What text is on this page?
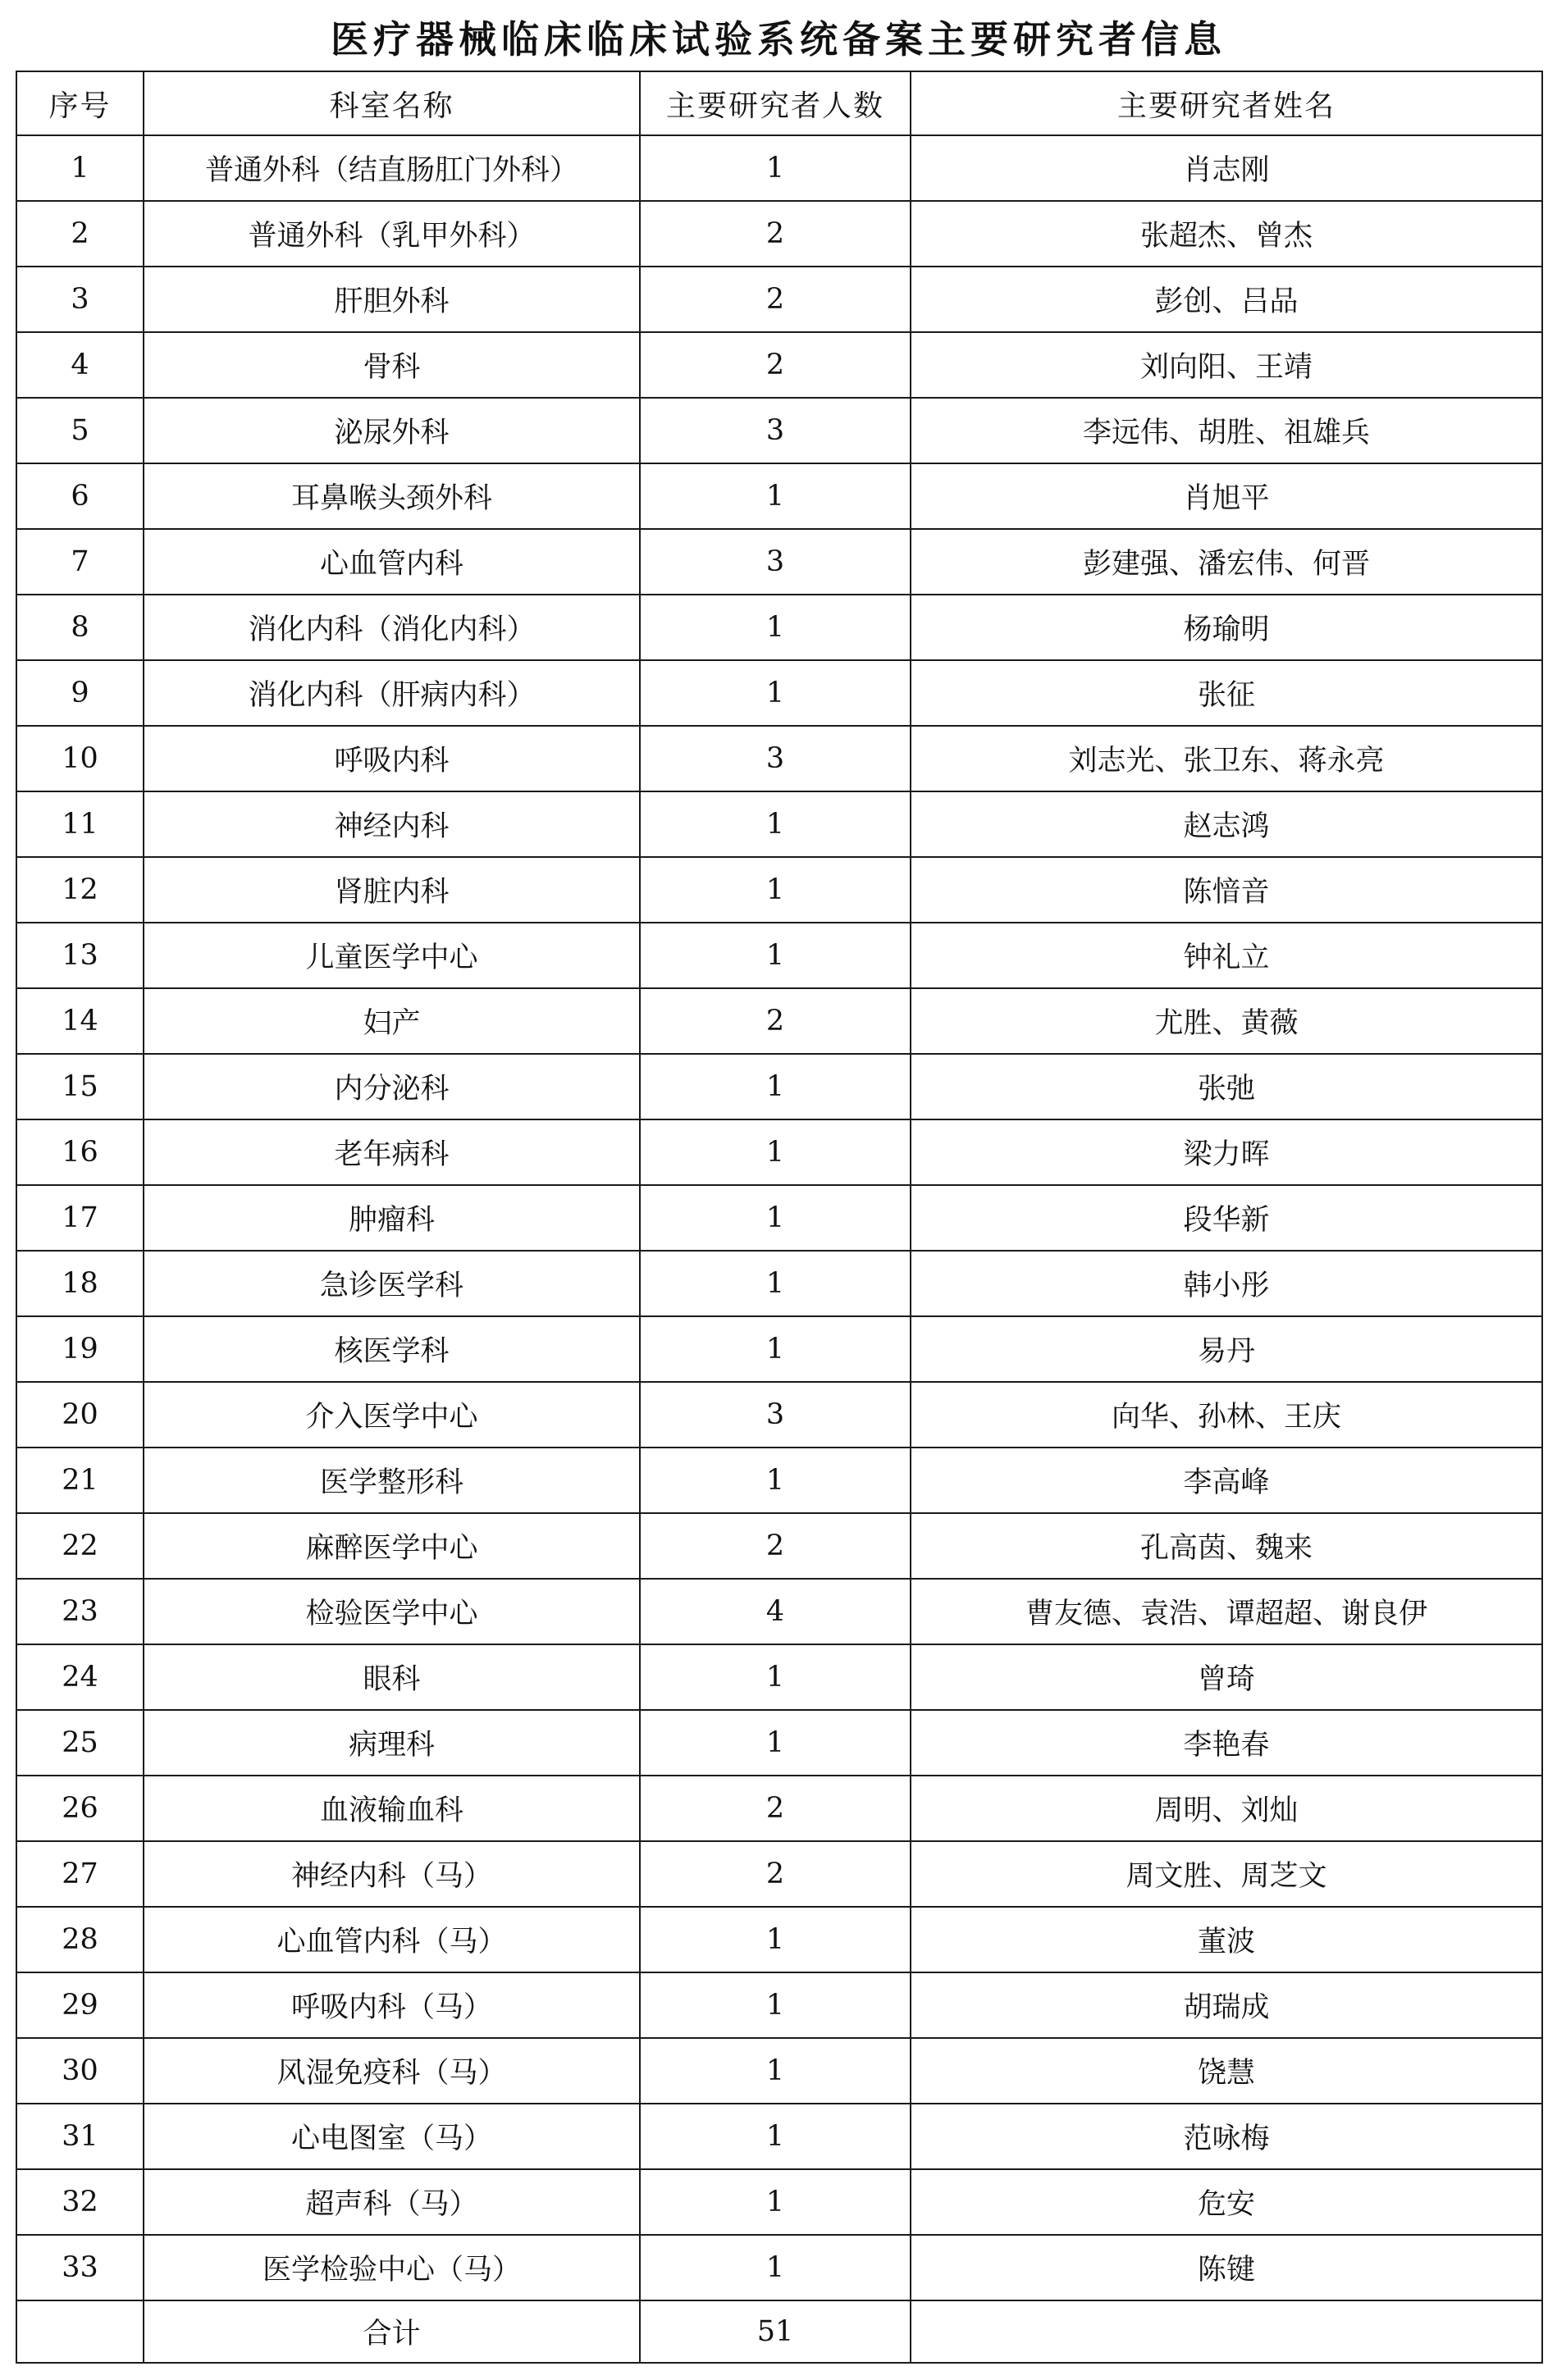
医疗器械临床临床试验系统备案主要研究者信息
序号	科室名称	主要研究者人数	主要研究者姓名
1	普通外科（结直肠肛门外科）	1	肖志刚
2	普通外科（乳甲外科）	2	张超杰、曾杰
3	肝胆外科	2	彭创、吕品
4	骨科	2	刘向阳、王靖
5	泌尿外科	3	李远伟、胡胜、祖雄兵
6	耳鼻喉头颈外科	1	肖旭平
7	心血管内科	3	彭建强、潘宏伟、何晋
8	消化内科（消化内科）	1	杨瑜明
9	消化内科（肝病内科）	1	张征
10	呼吸内科	3	刘志光、张卫东、蒋永亮
11	神经内科	1	赵志鸿
12	肾脏内科	1	陈愔音
13	儿童医学中心	1	钟礼立
14	妇产	2	尤胜、黄薇
15	内分泌科	1	张弛
16	老年病科	1	梁力晖
17	肿瘤科	1	段华新
18	急诊医学科	1	韩小彤
19	核医学科	1	易丹
20	介入医学中心	3	向华、孙林、王庆
21	医学整形科	1	李高峰
22	麻醉医学中心	2	孔高茵、魏来
23	检验医学中心	4	曹友德、袁浩、谭超超、谢良伊
24	眼科	1	曾琦
25	病理科	1	李艳春
26	血液输血科	2	周明、刘灿
27	神经内科（马）	2	周文胜、周芝文
28	心血管内科（马）	1	董波
29	呼吸内科（马）	1	胡瑞成
30	风湿免疫科（马）	1	饶慧
31	心电图室（马）	1	范咏梅
32	超声科（马）	1	危安
33	医学检验中心（马）	1	陈键
	合计	51	
